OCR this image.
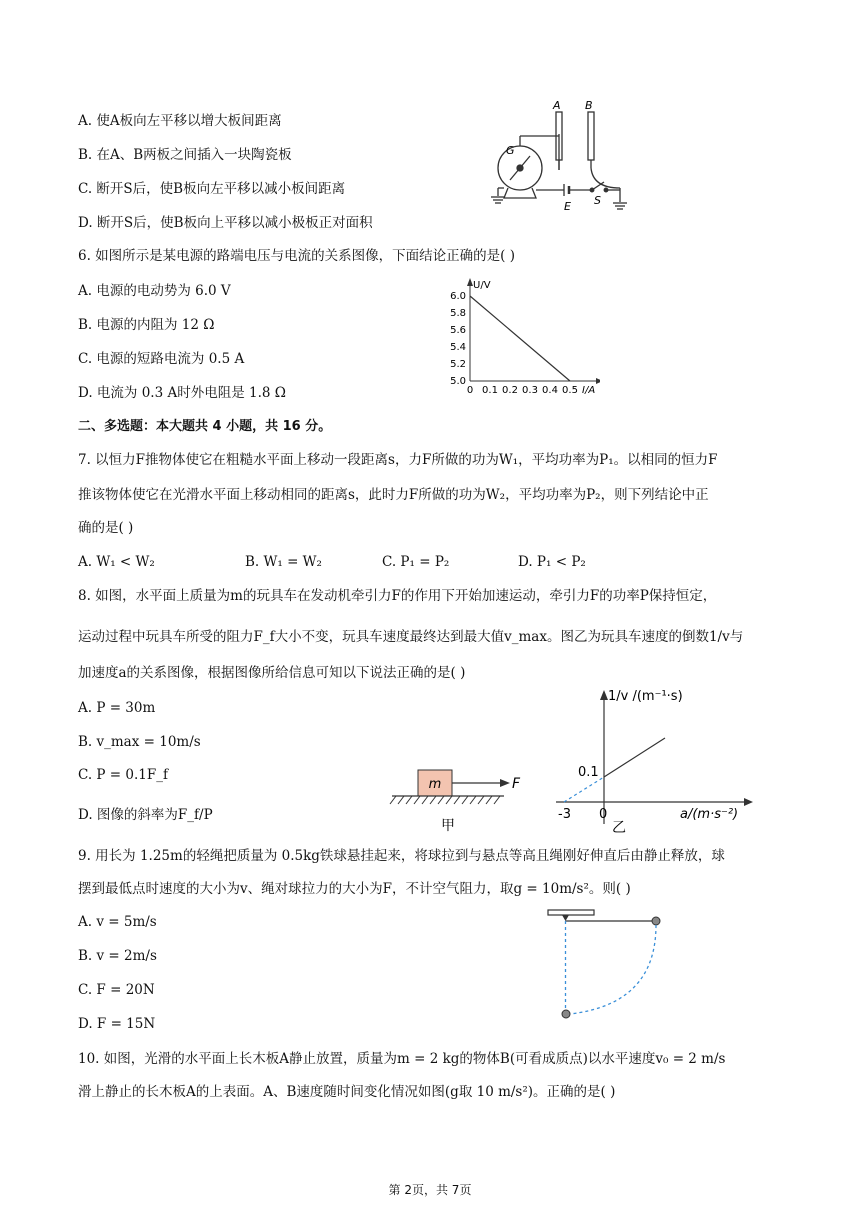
A. 使A板向左平移以增大板间距离
B. 在A、B两板之间插入一块陶瓷板
C. 断开S后，使B板向左平移以减小板间距离
D. 断开S后，使B板向上平移以减小极板正对面积
A B
G
E S
6. 如图所示是某电源的路端电压与电流的关系图像，下面结论正确的是( )
A. 电源的电动势为 6.0 V
B. 电源的内阻为 12 Ω
C. 电源的短路电流为 0.5 A
D. 电流为 0.3 A时外电阻是 1.8 Ω
U/V
I/A
0 0.1 0.2 0.3 0.4 0.5
5.0
5.2
5.4
5.6
5.8
6.0
二、多选题：本大题共 4 小题，共 16 分。
7. 以恒力F推物体使它在粗糙水平面上移动一段距离s，力F所做的功为W₁，平均功率为P₁。以相同的恒力F
推该物体使它在光滑水平面上移动相同的距离s，此时力F所做的功为W₂，平均功率为P₂，则下列结论中正
确的是( )
A. W₁ < W₂	B. W₁ = W₂	C. P₁ = P₂	D. P₁ < P₂
8. 如图，水平面上质量为m的玩具车在发动机牵引力F的作用下开始加速运动，牵引力F的功率P保持恒定，
运动过程中玩具车所受的阻力F_f大小不变，玩具车速度最终达到最大值v_max。图乙为玩具车速度的倒数1/v与
加速度a的关系图像，根据图像所给信息可知以下说法正确的是( )
A. P = 30m
B. v_max = 10m/s
C. P = 0.1F_f
D. 图像的斜率为F_f/P
m	F
甲
1/v /(m⁻¹·s)
0.1
-3 0	a/(m·s⁻²)
乙
9. 用长为 1.25m的轻绳把质量为 0.5kg铁球悬挂起来，将球拉到与悬点等高且绳刚好伸直后由静止释放，球
摆到最低点时速度的大小为v、绳对球拉力的大小为F，不计空气阻力，取g = 10m/s²。则( )
A. v = 5m/s
B. v = 2m/s
C. F = 20N
D. F = 15N
10. 如图，光滑的水平面上长木板A静止放置，质量为m = 2 kg的物体B(可看成质点)以水平速度v₀ = 2 m/s
滑上静止的长木板A的上表面。A、B速度随时间变化情况如图(g取 10 m/s²)。正确的是( )
第 2页，共 7页
